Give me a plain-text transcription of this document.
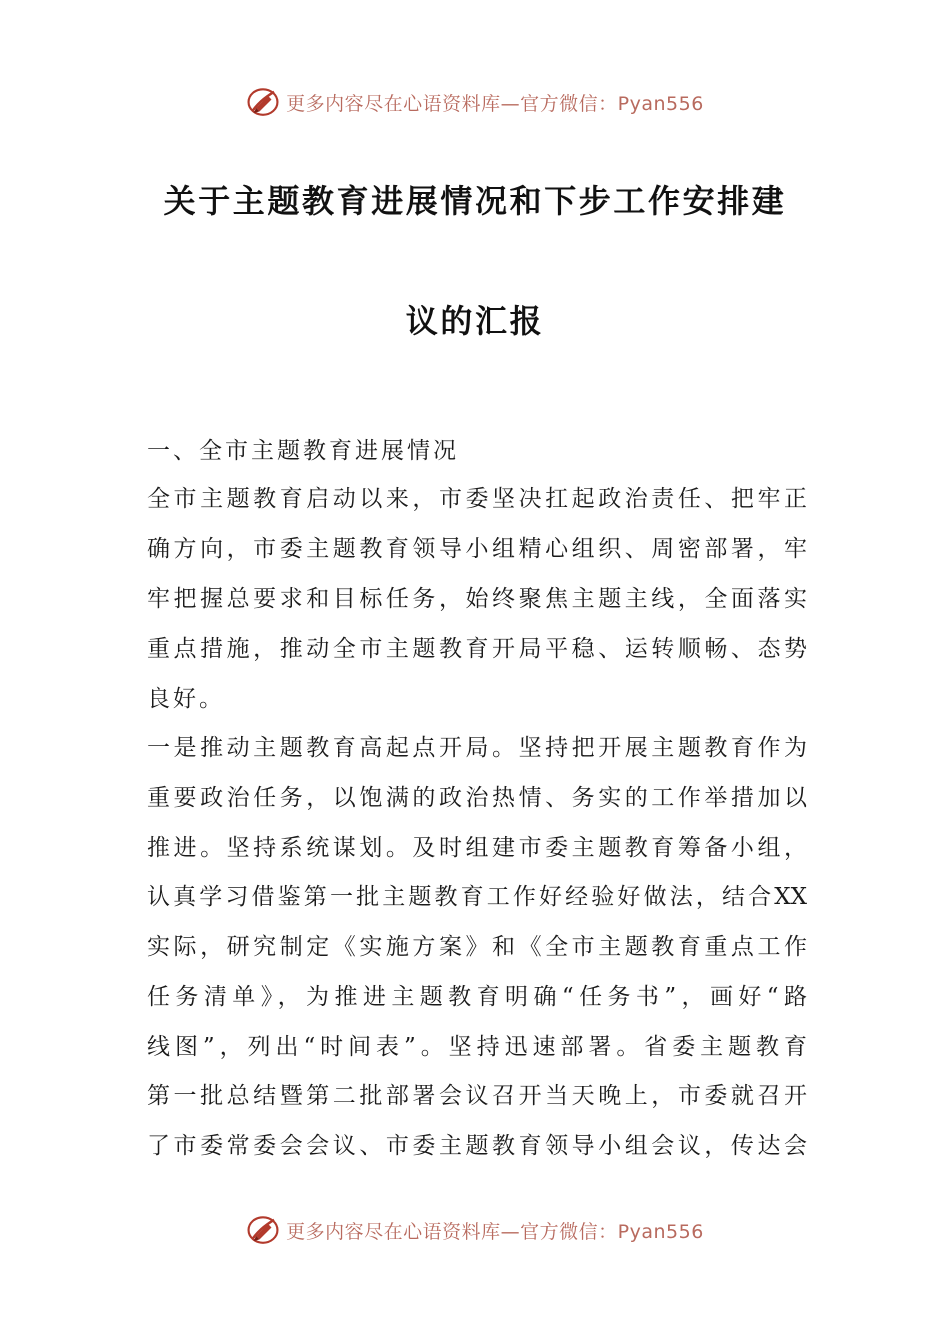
更多内容尽在心语资料库—官方微信：Pyan556
关于主题教育进展情况和下步工作安排建
议的汇报
一、全市主题教育进展情况
全市主题教育启动以来，市委坚决扛起政治责任、把牢正
确方向，市委主题教育领导小组精心组织、周密部署，牢
牢把握总要求和目标任务，始终聚焦主题主线，全面落实
重点措施，推动全市主题教育开局平稳、运转顺畅、态势
良好。
一是推动主题教育高起点开局。坚持把开展主题教育作为
重要政治任务，以饱满的政治热情、务实的工作举措加以
推进。坚持系统谋划。及时组建市委主题教育筹备小组，
认真学习借鉴第一批主题教育工作好经验好做法，结合XX
实际，研究制定《实施方案》和《全市主题教育重点工作
任务清单》，为推进主题教育明确“任务书”，画好“路
线图”，列出“时间表”。坚持迅速部署。省委主题教育
第一批总结暨第二批部署会议召开当天晚上，市委就召开
了市委常委会会议、市委主题教育领导小组会议，传达会
更多内容尽在心语资料库—官方微信：Pyan556
